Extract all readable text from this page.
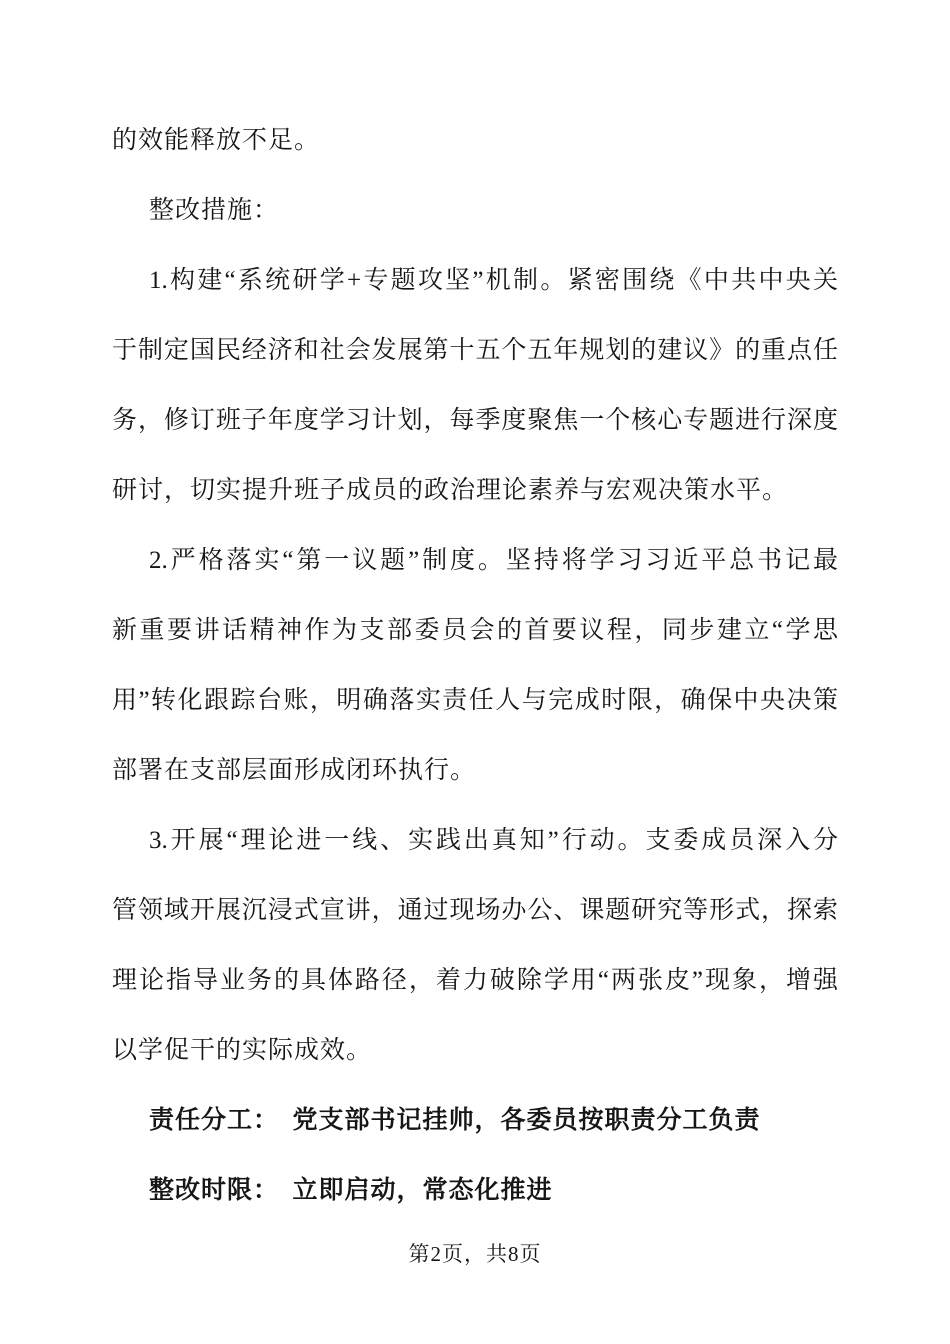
的效能释放不足。
整改措施：
1.构建“系统研学+专题攻坚”机制。紧密围绕《中共中央关
于制定国民经济和社会发展第十五个五年规划的建议》的重点任
务，修订班子年度学习计划，每季度聚焦一个核心专题进行深度
研讨，切实提升班子成员的政治理论素养与宏观决策水平。
2.严格落实“第一议题”制度。坚持将学习习近平总书记最
新重要讲话精神作为支部委员会的首要议程，同步建立“学思
用”转化跟踪台账，明确落实责任人与完成时限，确保中央决策
部署在支部层面形成闭环执行。
3.开展“理论进一线、实践出真知”行动。支委成员深入分
管领域开展沉浸式宣讲，通过现场办公、课题研究等形式，探索
理论指导业务的具体路径，着力破除学用“两张皮”现象，增强
以学促干的实际成效。
责任分工：　党支部书记挂帅，各委员按职责分工负责
整改时限：　立即启动，常态化推进
第2页，共8页
